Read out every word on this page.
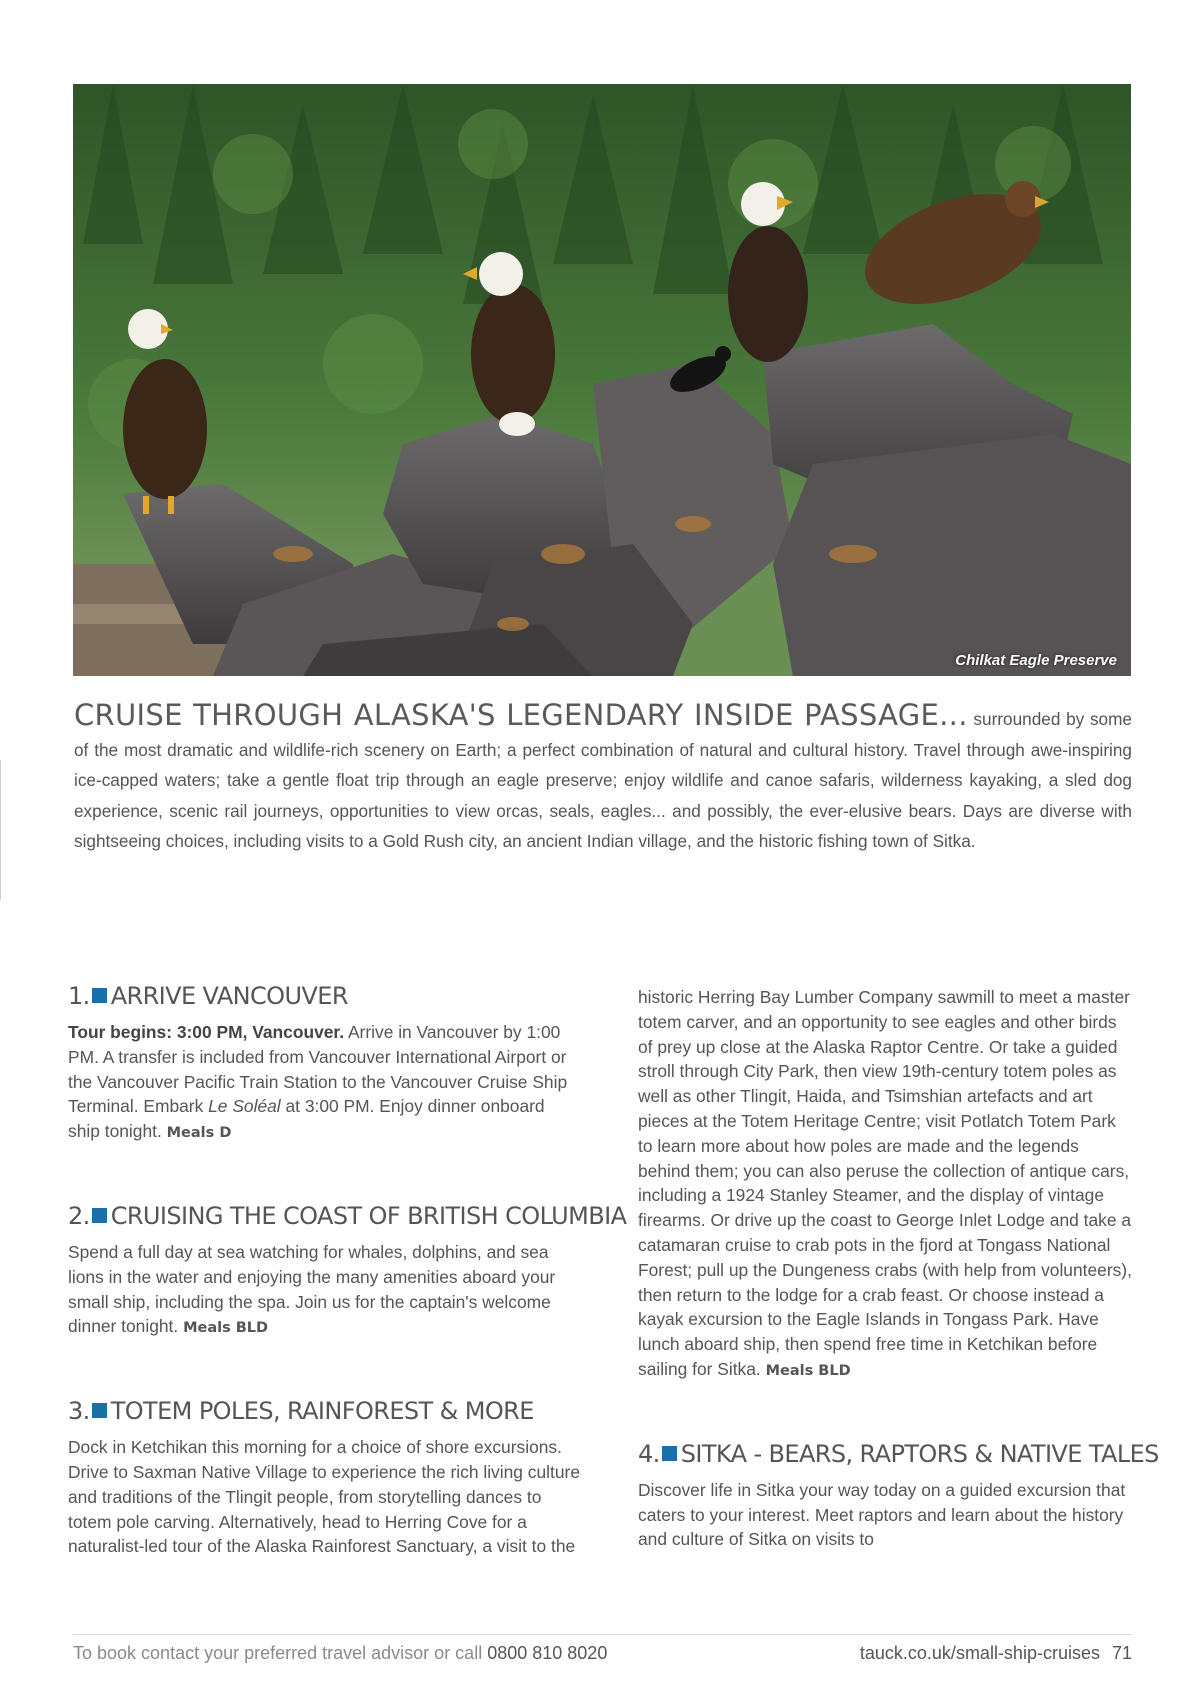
Chilkat Eagle Preserve
CRUISE THROUGH ALASKA'S LEGENDARY INSIDE PASSAGE... surrounded by some of the most dramatic and wildlife-rich scenery on Earth; a perfect combination of natural and cultural history. Travel through awe-inspiring ice-capped waters; take a gentle float trip through an eagle preserve; enjoy wildlife and canoe safaris, wilderness kayaking, a sled dog experience, scenic rail journeys, opportunities to view orcas, seals, eagles... and possibly, the ever-elusive bears. Days are diverse with sightseeing choices, including visits to a Gold Rush city, an ancient Indian village, and the historic fishing town of Sitka.
1. ARRIVE VANCOUVER

Tour begins: 3:00 PM, Vancouver. Arrive in Vancouver by 1:00 PM. A transfer is included from Vancouver International Airport or the Vancouver Pacific Train Station to the Vancouver Cruise Ship Terminal. Embark Le Soléal at 3:00 PM. Enjoy dinner onboard ship tonight. Meals D

2. CRUISING THE COAST OF BRITISH COLUMBIA

Spend a full day at sea watching for whales, dolphins, and sea lions in the water and enjoying the many amenities aboard your small ship, including the spa. Join us for the captain's welcome dinner tonight. Meals BLD

3. TOTEM POLES, RAINFOREST & MORE

Dock in Ketchikan this morning for a choice of shore excursions. Drive to Saxman Native Village to experience the rich living culture and traditions of the Tlingit people, from storytelling dances to totem pole carving. Alternatively, head to Herring Cove for a naturalist-led tour of the Alaska Rainforest Sanctuary, a visit to the

historic Herring Bay Lumber Company sawmill to meet a master totem carver, and an opportunity to see eagles and other birds of prey up close at the Alaska Raptor Centre. Or take a guided stroll through City Park, then view 19th-century totem poles as well as other Tlingit, Haida, and Tsimshian artefacts and art pieces at the Totem Heritage Centre; visit Potlatch Totem Park to learn more about how poles are made and the legends behind them; you can also peruse the collection of antique cars, including a 1924 Stanley Steamer, and the display of vintage firearms. Or drive up the coast to George Inlet Lodge and take a catamaran cruise to crab pots in the fjord at Tongass National Forest; pull up the Dungeness crabs (with help from volunteers), then return to the lodge for a crab feast. Or choose instead a kayak excursion to the Eagle Islands in Tongass Park. Have lunch aboard ship, then spend free time in Ketchikan before sailing for Sitka. Meals BLD

4. SITKA - BEARS, RAPTORS & NATIVE TALES

Discover life in Sitka your way today on a guided excursion that caters to your interest. Meet raptors and learn about the history and culture of Sitka on visits to

To book contact your preferred travel advisor or call 0800 810 8020	tauck.co.uk/small-ship-cruises 71
